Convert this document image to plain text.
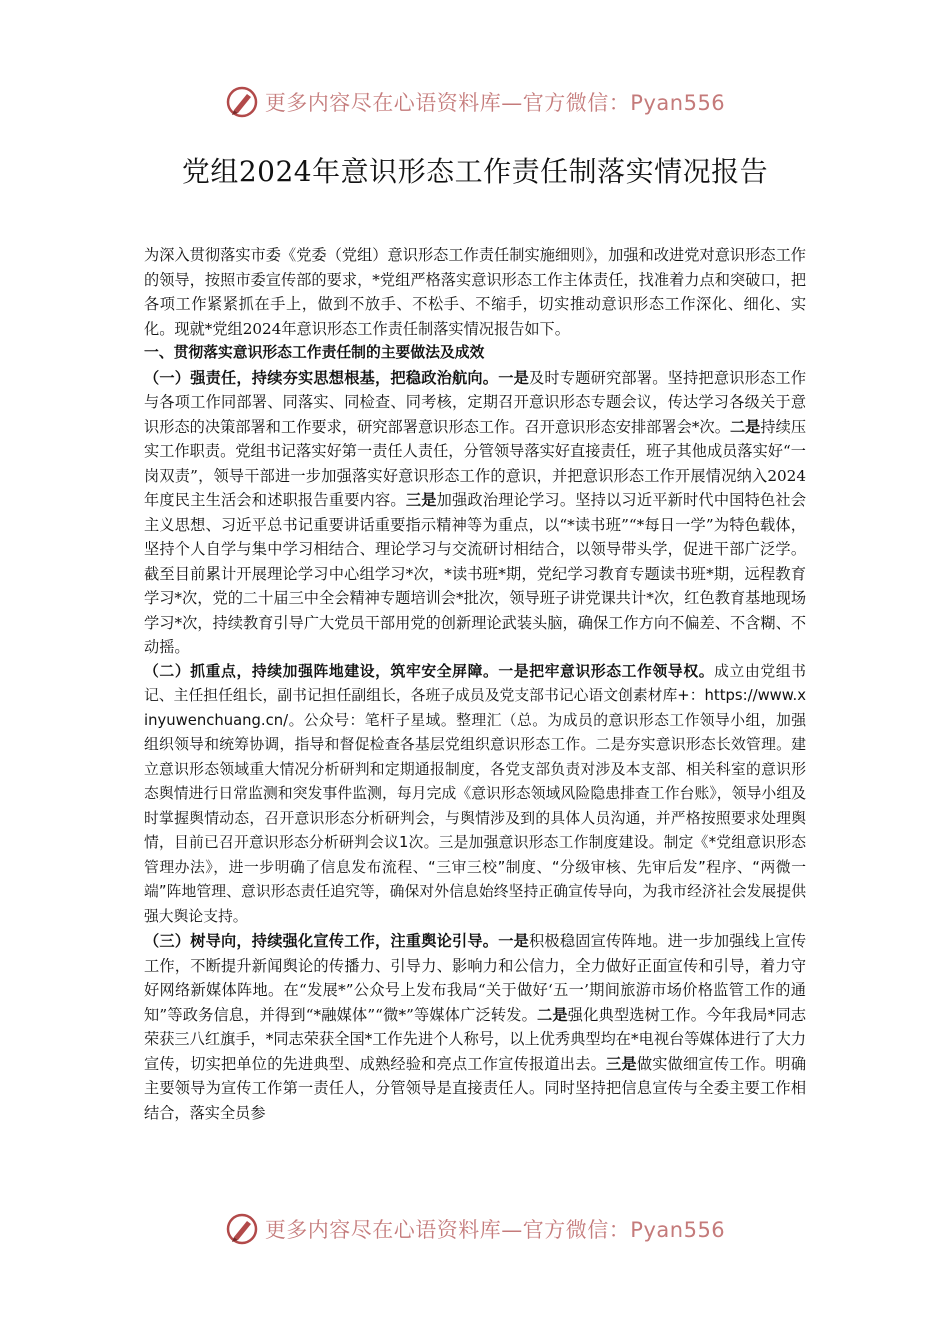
更多内容尽在心语资料库—官方微信：Pyan556
党组2024年意识形态工作责任制落实情况报告

为深入贯彻落实市委《党委（党组）意识形态工作责任制实施细则》，加强和改进党对意识形态工作的领导，按照市委宣传部的要求，*党组严格落实意识形态工作主体责任，找准着力点和突破口，把各项工作紧紧抓在手上，做到不放手、不松手、不缩手，切实推动意识形态工作深化、细化、实化。现就*党组2024年意识形态工作责任制落实情况报告如下。

一、贯彻落实意识形态工作责任制的主要做法及成效

（一）强责任，持续夯实思想根基，把稳政治航向。一是及时专题研究部署。坚持把意识形态工作与各项工作同部署、同落实、同检查、同考核，定期召开意识形态专题会议，传达学习各级关于意识形态的决策部署和工作要求，研究部署意识形态工作。召开意识形态安排部署会*次。二是持续压实工作职责。党组书记落实好第一责任人责任，分管领导落实好直接责任，班子其他成员落实好“一岗双责”，领导干部进一步加强落实好意识形态工作的意识，并把意识形态工作开展情况纳入2024年度民主生活会和述职报告重要内容。三是加强政治理论学习。坚持以习近平新时代中国特色社会主义思想、习近平总书记重要讲话重要指示精神等为重点，以“*读书班”“*每日一学”为特色载体，坚持个人自学与集中学习相结合、理论学习与交流研讨相结合，以领导带头学，促进干部广泛学。截至目前累计开展理论学习中心组学习*次，*读书班*期，党纪学习教育专题读书班*期，远程教育学习*次，党的二十届三中全会精神专题培训会*批次，领导班子讲党课共计*次，红色教育基地现场学习*次，持续教育引导广大党员干部用党的创新理论武装头脑，确保工作方向不偏差、不含糊、不动摇。

（二）抓重点，持续加强阵地建设，筑牢安全屏障。一是把牢意识形态工作领导权。成立由党组书记、主任担任组长，副书记担任副组长，各班子成员及党支部书记心语文创素材库+：https://www.xinyuwenchuang.cn/。公众号：笔杆子星域。整理汇（总。为成员的意识形态工作领导小组，加强组织领导和统筹协调，指导和督促检查各基层党组织意识形态工作。二是夯实意识形态长效管理。建立意识形态领域重大情况分析研判和定期通报制度，各党支部负责对涉及本支部、相关科室的意识形态舆情进行日常监测和突发事件监测，每月完成《意识形态领域风险隐患排查工作台账》，领导小组及时掌握舆情动态，召开意识形态分析研判会，与舆情涉及到的具体人员沟通，并严格按照要求处理舆情，目前已召开意识形态分析研判会议1次。三是加强意识形态工作制度建设。制定《*党组意识形态管理办法》，进一步明确了信息发布流程、“三审三校”制度、“分级审核、先审后发”程序、“两微一端”阵地管理、意识形态责任追究等，确保对外信息始终坚持正确宣传导向，为我市经济社会发展提供强大舆论支持。

（三）树导向，持续强化宣传工作，注重舆论引导。一是积极稳固宣传阵地。进一步加强线上宣传工作，不断提升新闻舆论的传播力、引导力、影响力和公信力，全力做好正面宣传和引导，着力守好网络新媒体阵地。在“发展*”公众号上发布我局“关于做好‘五一’期间旅游市场价格监管工作的通知”等政务信息，并得到“*融媒体”“微*”等媒体广泛转发。二是强化典型选树工作。今年我局*同志荣获三八红旗手，*同志荣获全国*工作先进个人称号，以上优秀典型均在*电视台等媒体进行了大力宣传，切实把单位的先进典型、成熟经验和亮点工作宣传报道出去。三是做实做细宣传工作。明确主要领导为宣传工作第一责任人，分管领导是直接责任人。同时坚持把信息宣传与全委主要工作相结合，落实全员参

更多内容尽在心语资料库—官方微信：Pyan556
